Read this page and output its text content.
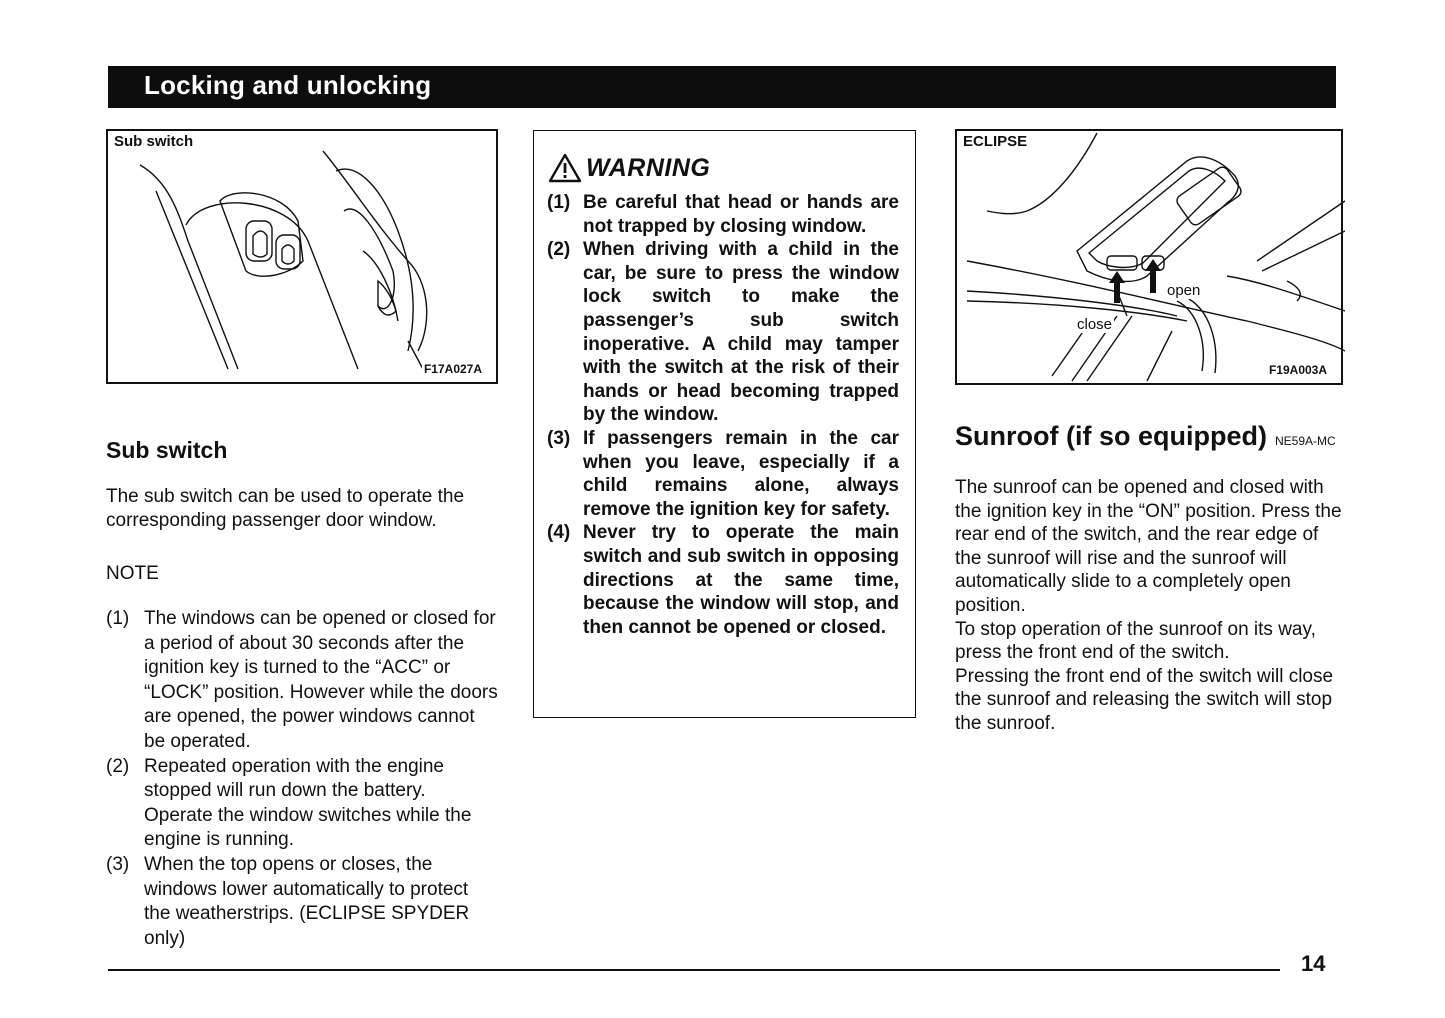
Locking and unlocking
Sub switch
F17A027A
Sub switch
The sub switch can be used to operate the corresponding passenger door window.
NOTE
(1) The windows can be opened or closed for a period of about 30 seconds after the ignition key is turned to the “ACC” or “LOCK” position. However while the doors are opened, the power windows cannot be operated.
(2) Repeated operation with the engine stopped will run down the battery. Operate the window switches while the engine is running.
(3) When the top opens or closes, the windows lower automatically to protect the weatherstrips. (ECLIPSE SPYDER only)
WARNING
(1) Be careful that head or hands are not trapped by closing window.
(2) When driving with a child in the car, be sure to press the window lock switch to make the passenger’s sub switch inoperative. A child may tamper with the switch at the risk of their hands or head becoming trapped by the window.
(3) If passengers remain in the car when you leave, especially if a child remains alone, always remove the ignition key for safety.
(4) Never try to operate the main switch and sub switch in opposing directions at the same time, because the window will stop, and then cannot be opened or closed.
ECLIPSE
open
close
F19A003A
Sunroof (if so equipped) NE59A-MC
The sunroof can be opened and closed with the ignition key in the “ON” position. Press the rear end of the switch, and the rear edge of the sunroof will rise and the sunroof will automatically slide to a completely open position.
To stop operation of the sunroof on its way, press the front end of the switch.
Pressing the front end of the switch will close the sunroof and releasing the switch will stop the sunroof.
14
